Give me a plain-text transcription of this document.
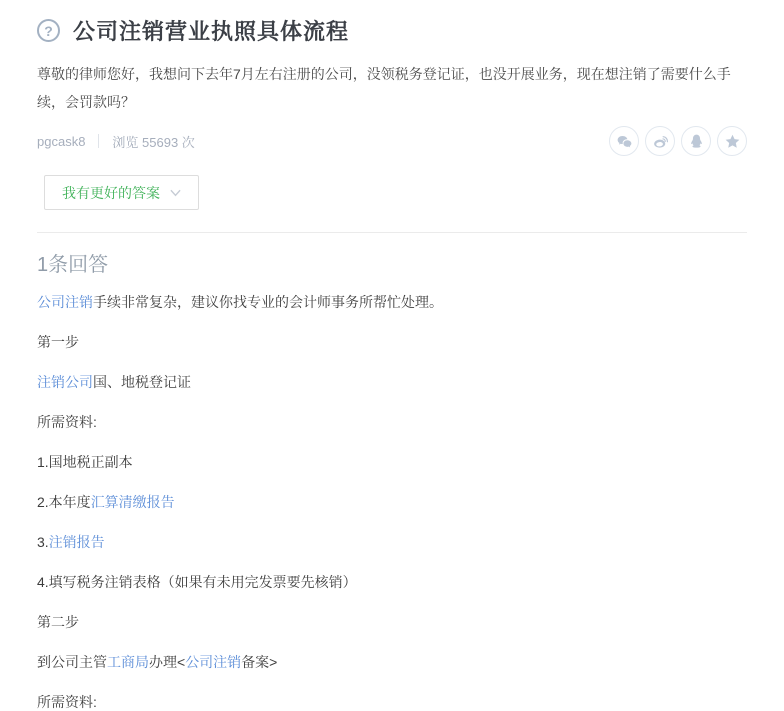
? 公司注销营业执照具体流程
尊敬的律师您好，我想问下去年7月左右注册的公司，没领税务登记证，也没开展业务，现在想注销了需要什么手续，会罚款吗？
pgcask8 浏览 55693 次
我有更好的答案
1条回答

公司注销手续非常复杂，建议你找专业的会计师事务所帮忙处理。

第一步

注销公司国、地税登记证

所需资料:

1.国地税正副本

2.本年度汇算清缴报告

3.注销报告

4.填写税务注销表格（如果有未用完发票要先核销）

第二步

到公司主管工商局办理<公司注销备案>

所需资料:
